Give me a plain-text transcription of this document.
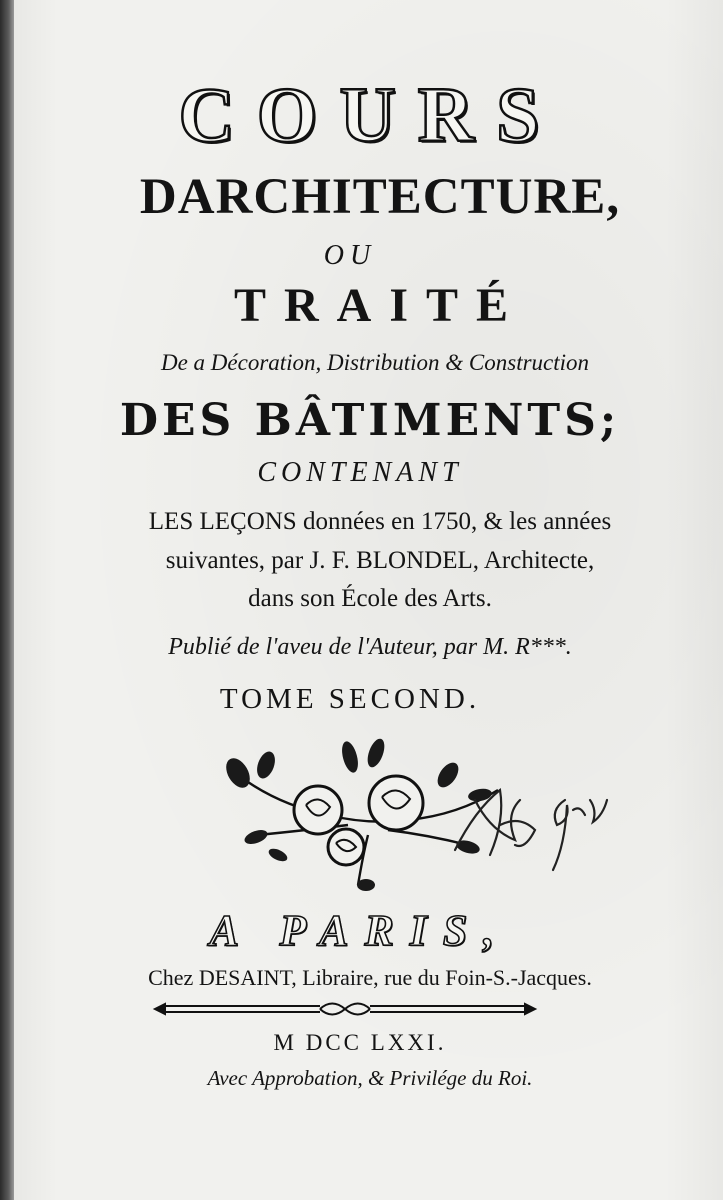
COURS
DARCHITECTURE,
OU
TRAITÉ
De a Décoration, Distribution & Construction
DES BÂTIMENTS;
CONTENANT
LES LEÇONS données en 1750, & les années
suivantes, par J. F. BLONDEL, Architecte,
dans son École des Arts.
Publié de l'aveu de l'Auteur, par M. R***.
TOME SECOND.
A PARIS,
Chez DESAINT, Libraire, rue du Foin-S.-Jacques.
M DCC LXXI.
Avec Approbation, & Privilége du Roi.
